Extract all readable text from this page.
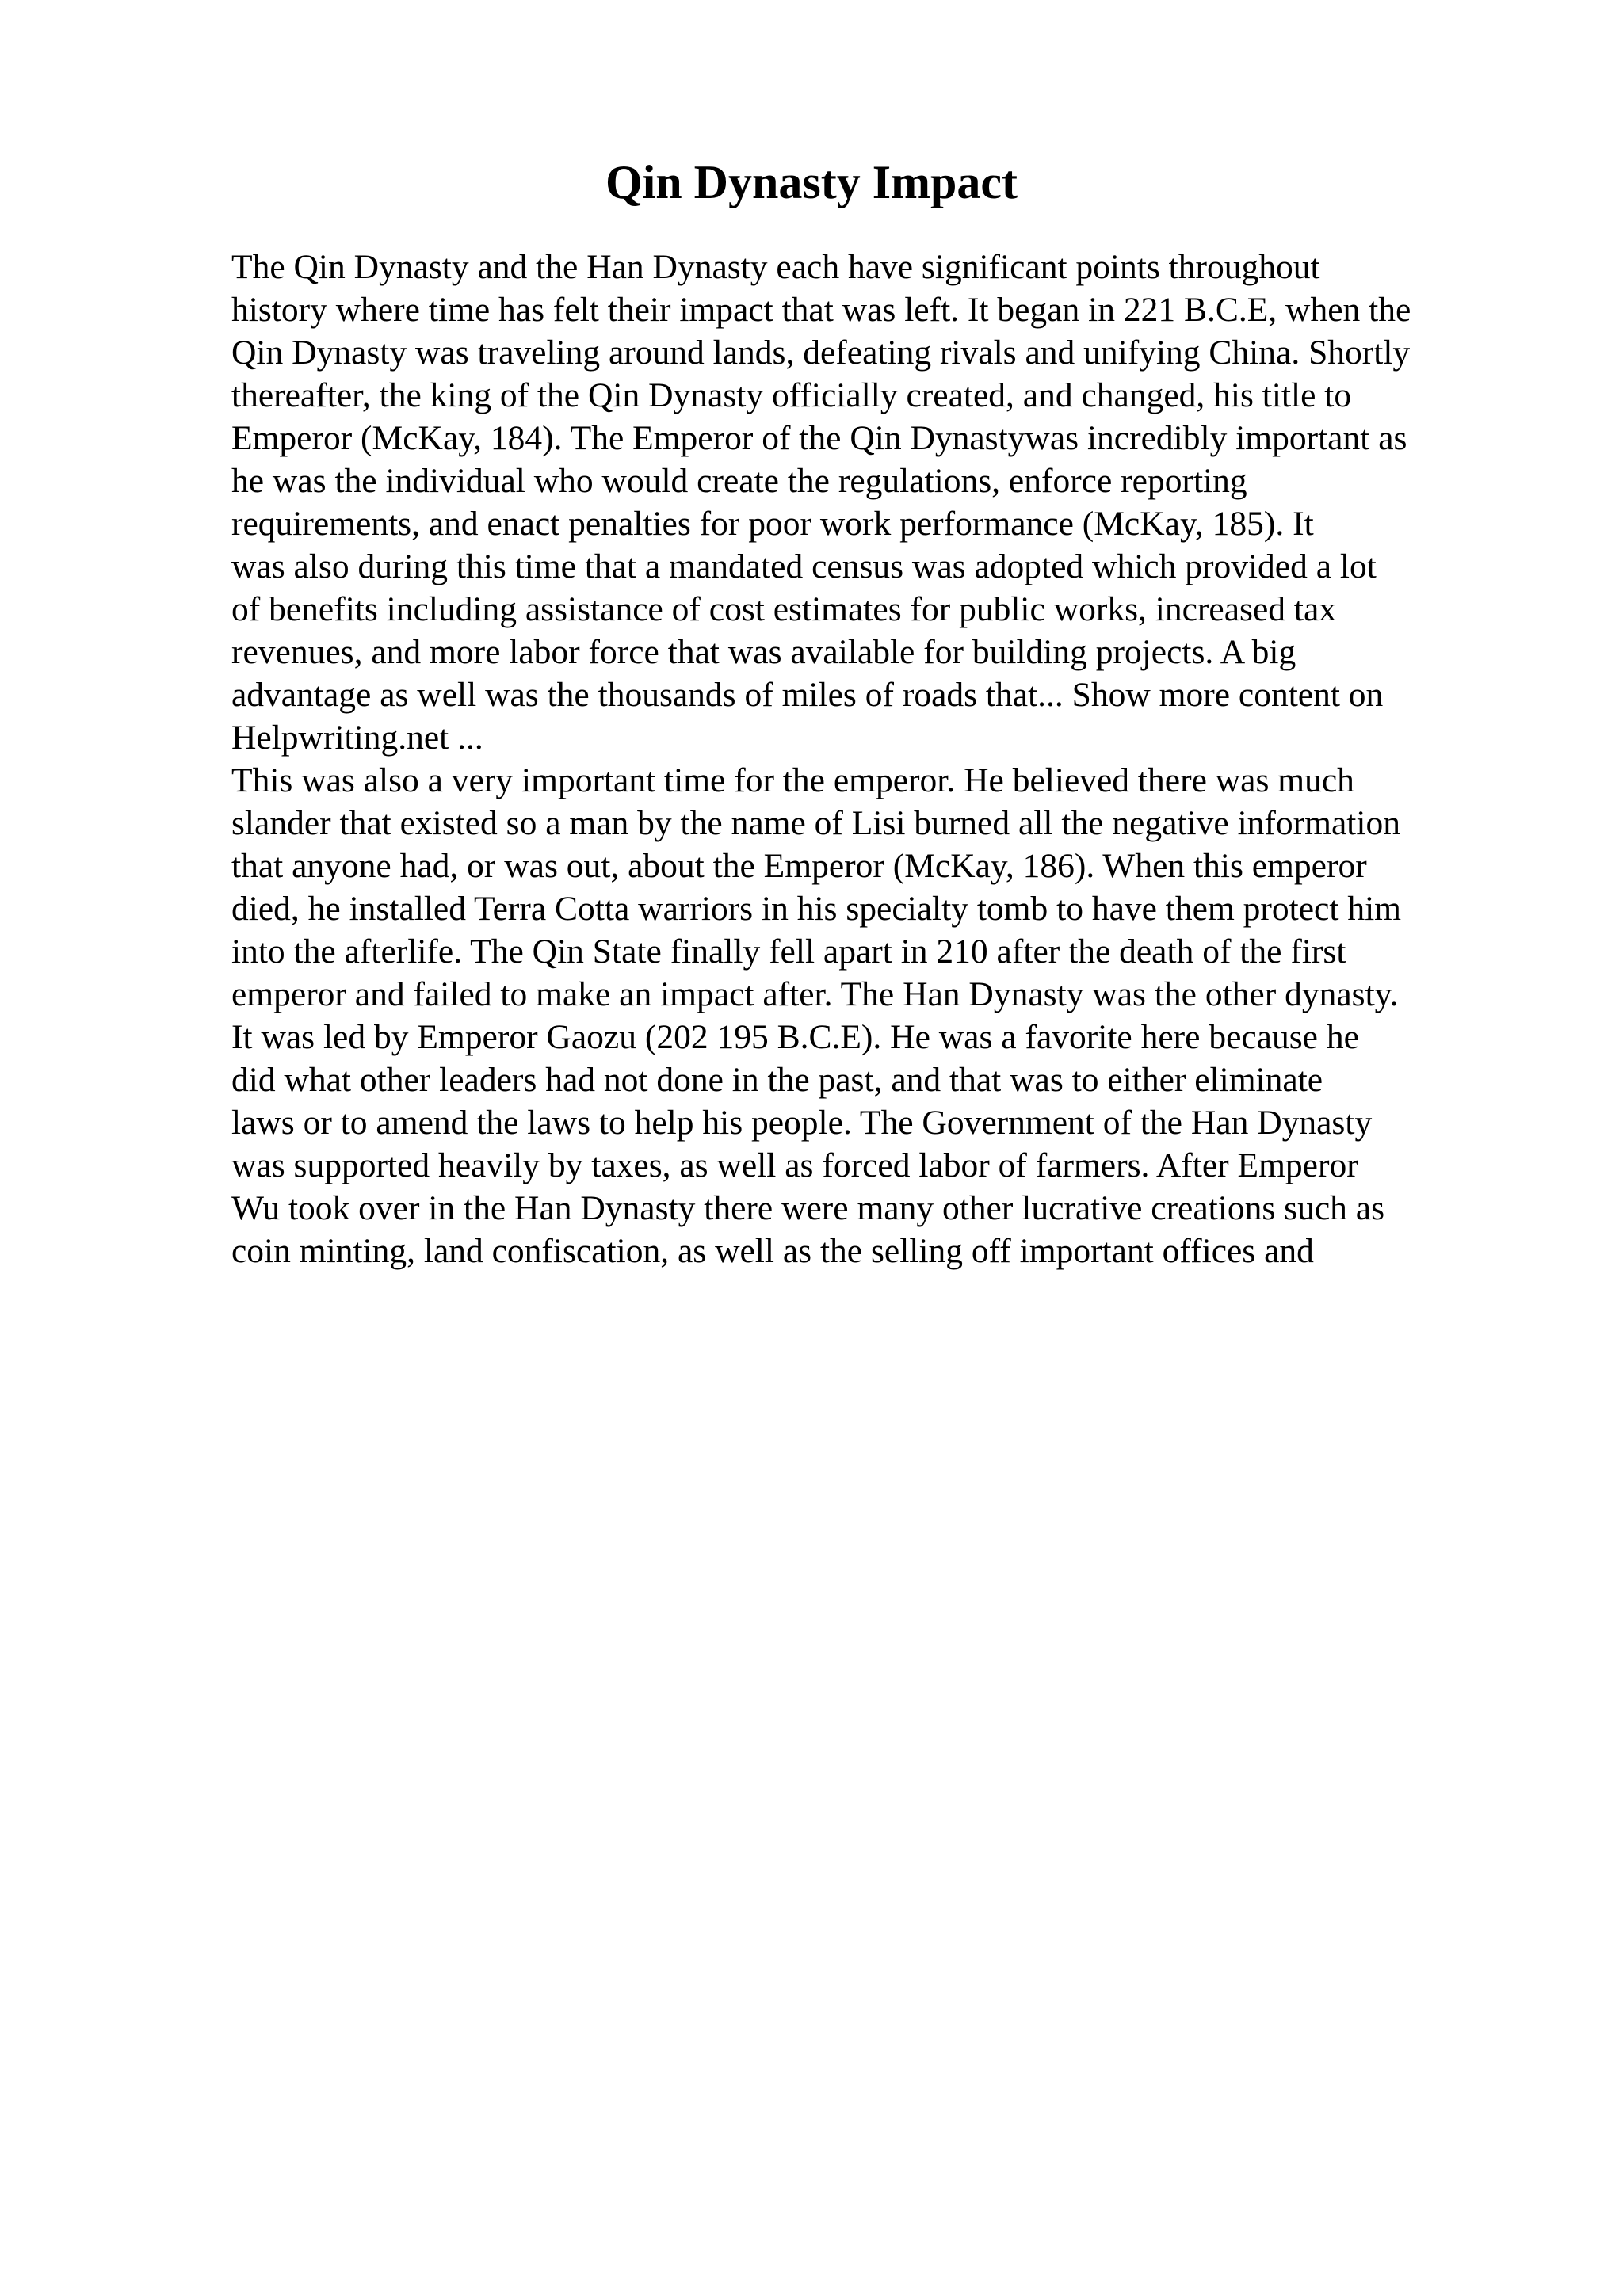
Qin Dynasty Impact
The Qin Dynasty and the Han Dynasty each have significant points throughout
history where time has felt their impact that was left. It began in 221 B.C.E, when the
Qin Dynasty was traveling around lands, defeating rivals and unifying China. Shortly
thereafter, the king of the Qin Dynasty officially created, and changed, his title to
Emperor (McKay, 184). The Emperor of the Qin Dynastywas incredibly important as
he was the individual who would create the regulations, enforce reporting
requirements, and enact penalties for poor work performance (McKay, 185). It
was also during this time that a mandated census was adopted which provided a lot
of benefits including assistance of cost estimates for public works, increased tax
revenues, and more labor force that was available for building projects. A big
advantage as well was the thousands of miles of roads that... Show more content on
Helpwriting.net ...
This was also a very important time for the emperor. He believed there was much
slander that existed so a man by the name of Lisi burned all the negative information
that anyone had, or was out, about the Emperor (McKay, 186). When this emperor
died, he installed Terra Cotta warriors in his specialty tomb to have them protect him
into the afterlife. The Qin State finally fell apart in 210 after the death of the first
emperor and failed to make an impact after. The Han Dynasty was the other dynasty.
It was led by Emperor Gaozu (202 195 B.C.E). He was a favorite here because he
did what other leaders had not done in the past, and that was to either eliminate
laws or to amend the laws to help his people. The Government of the Han Dynasty
was supported heavily by taxes, as well as forced labor of farmers. After Emperor
Wu took over in the Han Dynasty there were many other lucrative creations such as
coin minting, land confiscation, as well as the selling off important offices and
